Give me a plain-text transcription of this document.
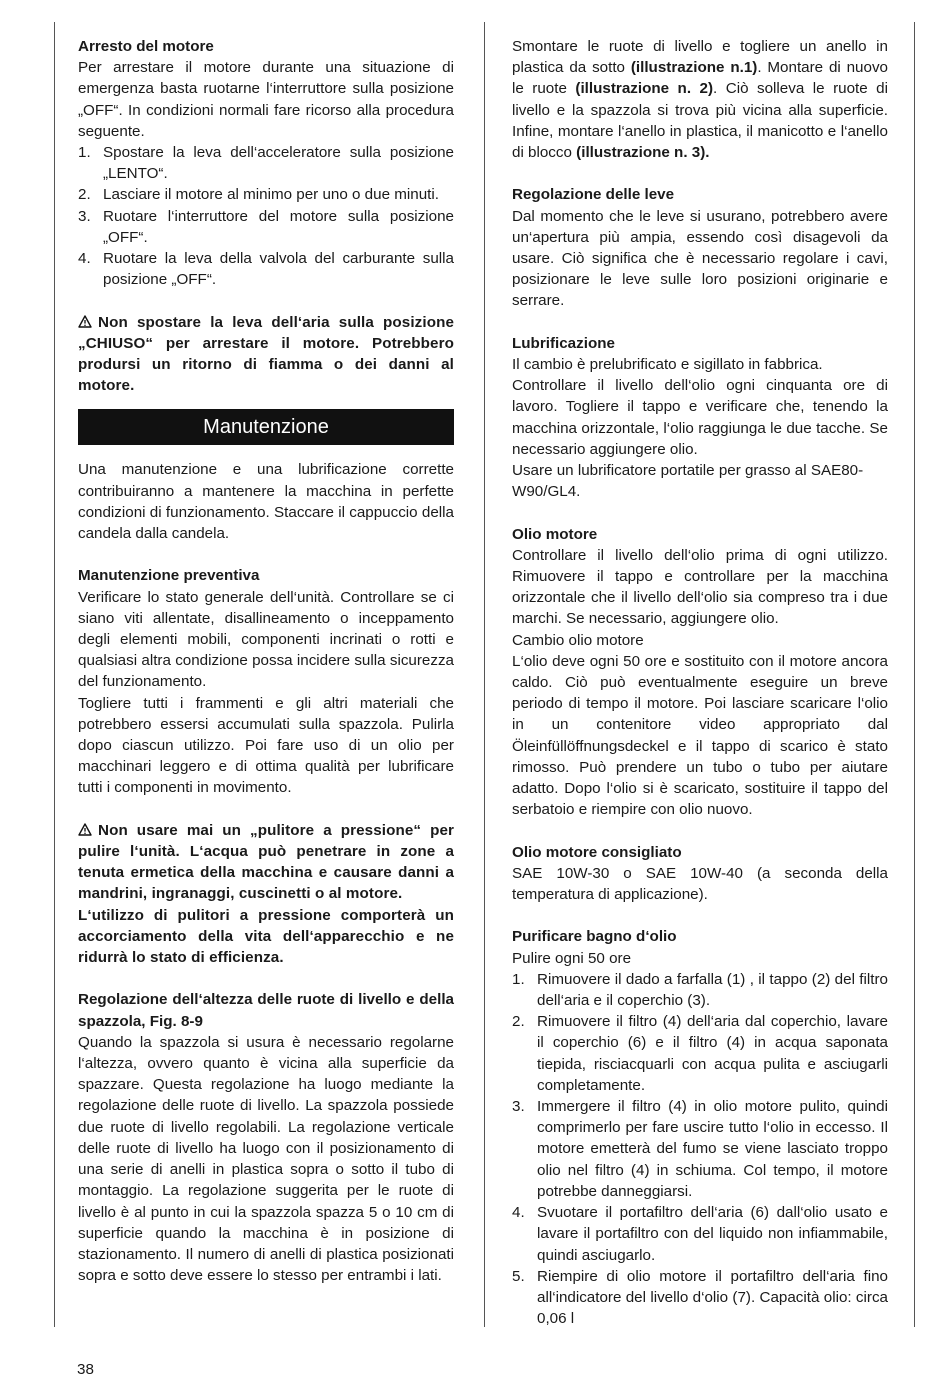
Arresto del motore

Per arrestare il motore durante una situazione di emergenza basta ruotarne l‘interruttore sulla posizione „OFF“. In condizioni normali fare ricorso alla procedura seguente.

1. Spostare la leva dell‘acceleratore sulla posizione „LENTO“.
2. Lasciare il motore al minimo per uno o due minuti.
3. Ruotare l‘interruttore del motore sulla posizione „OFF“.
4. Ruotare la leva della valvola del carburante sulla posizione „OFF“.

Non spostare la leva dell‘aria sulla posizione „CHIUSO“ per arrestare il motore. Potrebbero prodursi un ritorno di fiamma o dei danni al motore.

Manutenzione

Una manutenzione e una lubrificazione corrette contribuiranno a mantenere la macchina in perfette condizioni di funzionamento. Staccare il cappuccio della candela dalla candela.

Manutenzione preventiva

Verificare lo stato generale dell‘unità. Controllare se ci siano viti allentate, disallineamento o inceppamento degli elementi mobili, componenti incrinati o rotti e qualsiasi altra condizione possa incidere sulla sicurezza del funzionamento.

Togliere tutti i frammenti e gli altri materiali che potrebbero essersi accumulati sulla spazzola. Pulirla dopo ciascun utilizzo. Poi fare uso di un olio per macchinari leggero e di ottima qualità per lubrificare tutti i componenti in movimento.

Non usare mai un „pulitore a pressione“ per pulire l‘unità. L‘acqua può penetrare in zone a tenuta ermetica della macchina e causare danni a mandrini, ingranaggi, cuscinetti o al motore.

L‘utilizzo di pulitori a pressione comporterà un accorciamento della vita dell‘apparecchio e ne ridurrà lo stato di efficienza.

Regolazione dell‘altezza delle ruote di livello e della spazzola, Fig. 8-9

Quando la spazzola si usura è necessario regolarne l‘altezza, ovvero quanto è vicina alla superficie da spazzare. Questa regolazione ha luogo mediante la regolazione delle ruote di livello. La spazzola possiede due ruote di livello regolabili. La regolazione verticale delle ruote di livello ha luogo con il posizionamento di una serie di anelli in plastica sopra o sotto il tubo di montaggio. La regolazione suggerita per le ruote di livello è al punto in cui la spazzola spazza 5 o 10 cm di superficie quando la macchina è in posizione di stazionamento. Il numero di anelli di plastica posizionati sopra e sotto deve essere lo stesso per entrambi i lati.

Smontare le ruote di livello e togliere un anello in plastica da sotto (illustrazione n.1). Montare di nuovo le ruote (illustrazione n. 2). Ciò solleva le ruote di livello e la spazzola si trova più vicina alla superficie. Infine, montare l‘anello in plastica, il manicotto e l‘anello di blocco (illustrazione n. 3).

Regolazione delle leve

Dal momento che le leve si usurano, potrebbero avere un‘apertura più ampia, essendo così disagevoli da usare. Ciò significa che è necessario regolare i cavi, posizionare le leve sulle loro posizioni originarie e serrare.

Lubrificazione

Il cambio è prelubrificato e sigillato in fabbrica.

Controllare il livello dell‘olio ogni cinquanta ore di lavoro. Togliere il tappo e verificare che, tenendo la macchina orizzontale, l‘olio raggiunga le due tacche. Se necessario aggiungere olio.

Usare un lubrificatore portatile per grasso al SAE80-W90/GL4.

Olio motore

Controllare il livello dell‘olio prima di ogni utilizzo. Rimuovere il tappo e controllare per la macchina orizzontale che il livello dell‘olio sia compreso tra i due marchi. Se necessario, aggiungere olio.

Cambio olio motore

L‘olio deve ogni 50 ore e sostituito con il motore ancora caldo. Ciò può eventualmente eseguire un breve periodo di tempo il motore. Poi lasciare scaricare l‘olio in un contenitore video appropriato dal Öleinfüllöffnungsdeckel e il tappo di scarico è stato rimosso. Può prendere un tubo o tubo per aiutare adatto. Dopo l‘olio si è scaricato, sostituire il tappo del serbatoio e riempire con olio nuovo.

Olio motore consigliato

SAE 10W-30 o SAE 10W-40 (a seconda della temperatura di applicazione).

Purificare bagno d‘olio

Pulire ogni 50 ore

1. Rimuovere il dado a farfalla (1) , il tappo (2) del filtro dell‘aria e il coperchio (3).
2. Rimuovere il filtro (4) dell‘aria dal coperchio, lavare il coperchio (6) e il filtro (4) in acqua saponata tiepida, risciacquarli con acqua pulita e asciugarli completamente.
3. Immergere il filtro (4) in olio motore pulito, quindi comprimerlo per fare uscire tutto l‘olio in eccesso. Il motore emetterà del fumo se viene lasciato troppo olio nel filtro (4) in schiuma. Col tempo, il motore potrebbe danneggiarsi.
4. Svuotare il portafiltro dell‘aria (6) dall‘olio usato e lavare il portafiltro con del liquido non infiammabile, quindi asciugarlo.
5. Riempire di olio motore il portafiltro dell‘aria fino all‘indicatore del livello d‘olio (7). Capacità olio: circa 0,06 l
38
